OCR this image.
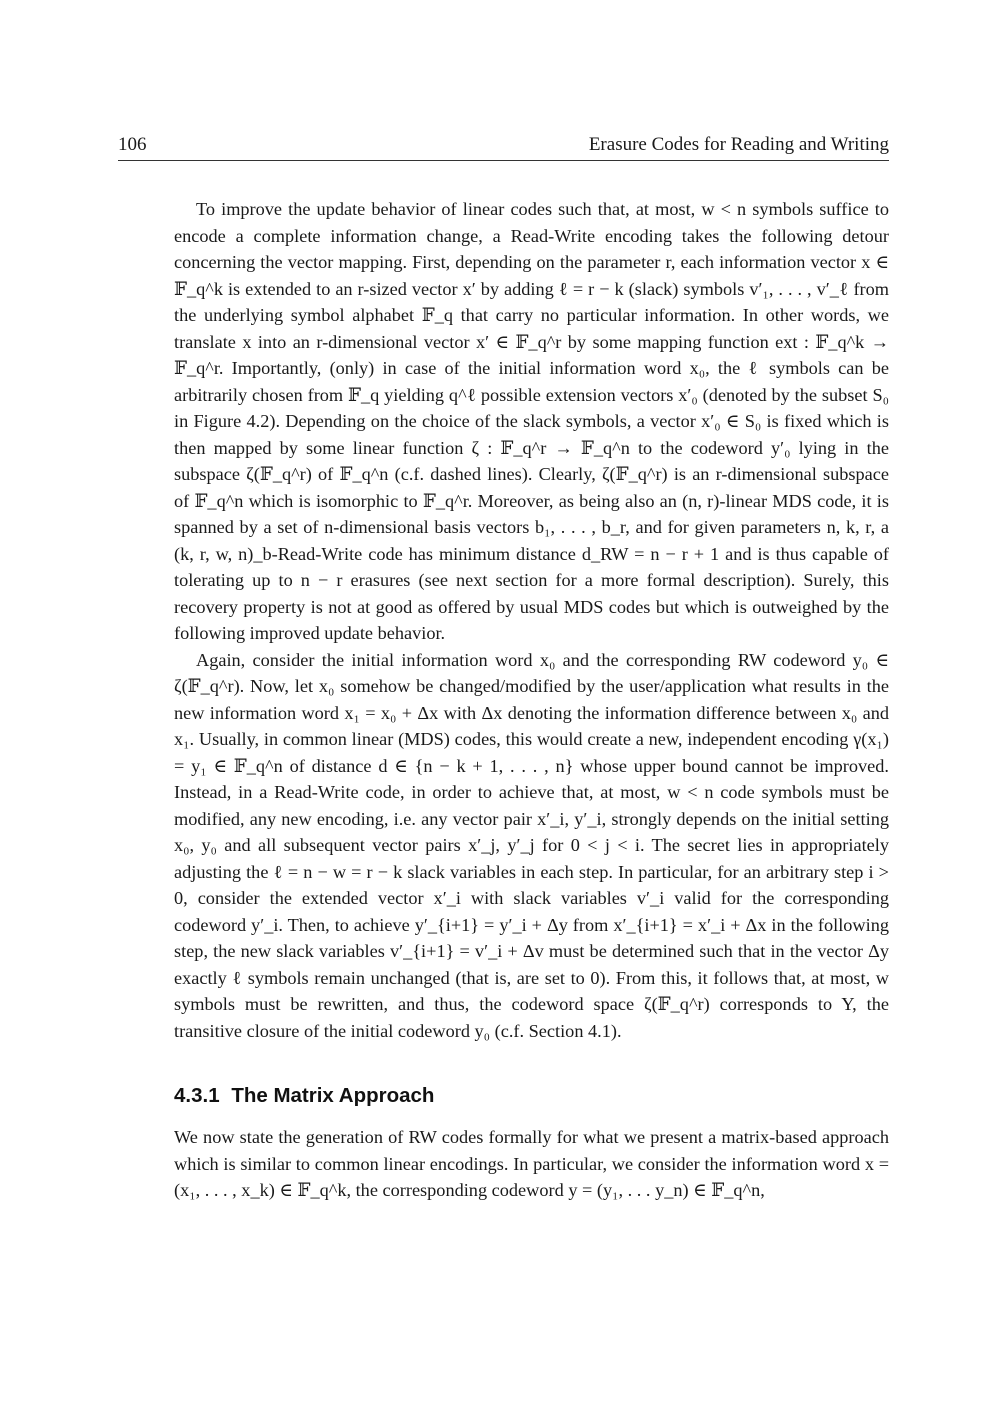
106	Erasure Codes for Reading and Writing

To improve the update behavior of linear codes such that, at most, w < n symbols suffice to encode a complete information change, a Read-Write encoding takes the following detour concerning the vector mapping. First, depending on the parameter r, each information vector x ∈ 𝔽_q^k is extended to an r-sized vector x′ by adding ℓ = r − k (slack) symbols v′₁, . . . , v′_ℓ from the underlying symbol alphabet 𝔽_q that carry no particular information. In other words, we translate x into an r-dimensional vector x′ ∈ 𝔽_q^r by some mapping function ext : 𝔽_q^k → 𝔽_q^r. Importantly, (only) in case of the initial information word x₀, the ℓ symbols can be arbitrarily chosen from 𝔽_q yielding q^ℓ possible extension vectors x′₀ (denoted by the subset S₀ in Figure 4.2). Depending on the choice of the slack symbols, a vector x′₀ ∈ S₀ is fixed which is then mapped by some linear function ζ : 𝔽_q^r → 𝔽_q^n to the codeword y′₀ lying in the subspace ζ(𝔽_q^r) of 𝔽_q^n (c.f. dashed lines). Clearly, ζ(𝔽_q^r) is an r-dimensional subspace of 𝔽_q^n which is isomorphic to 𝔽_q^r. Moreover, as being also an (n, r)-linear MDS code, it is spanned by a set of n-dimensional basis vectors b₁, . . . , b_r, and for given parameters n, k, r, a (k, r, w, n)_b-Read-Write code has minimum distance d_RW = n − r + 1 and is thus capable of tolerating up to n − r erasures (see next section for a more formal description). Surely, this recovery property is not at good as offered by usual MDS codes but which is outweighed by the following improved update behavior.

Again, consider the initial information word x₀ and the corresponding RW codeword y₀ ∈ ζ(𝔽_q^r). Now, let x₀ somehow be changed/modified by the user/application what results in the new information word x₁ = x₀ + Δx with Δx denoting the information difference between x₀ and x₁. Usually, in common linear (MDS) codes, this would create a new, independent encoding γ(x₁) = y₁ ∈ 𝔽_q^n of distance d ∈ {n − k + 1, . . . , n} whose upper bound cannot be improved. Instead, in a Read-Write code, in order to achieve that, at most, w < n code symbols must be modified, any new encoding, i.e. any vector pair x′_i, y′_i, strongly depends on the initial setting x₀, y₀ and all subsequent vector pairs x′_j, y′_j for 0 < j < i. The secret lies in appropriately adjusting the ℓ = n − w = r − k slack variables in each step. In particular, for an arbitrary step i > 0, consider the extended vector x′_i with slack variables v′_i valid for the corresponding codeword y′_i. Then, to achieve y′_{i+1} = y′_i + Δy from x′_{i+1} = x′_i + Δx in the following step, the new slack variables v′_{i+1} = v′_i + Δv must be determined such that in the vector Δy exactly ℓ symbols remain unchanged (that is, are set to 0). From this, it follows that, at most, w symbols must be rewritten, and thus, the codeword space ζ(𝔽_q^r) corresponds to Y, the transitive closure of the initial codeword y₀ (c.f. Section 4.1).

4.3.1 The Matrix Approach

We now state the generation of RW codes formally for what we present a matrix-based approach which is similar to common linear encodings. In particular, we consider the information word x = (x₁, . . . , x_k) ∈ 𝔽_q^k, the corresponding codeword y = (y₁, . . . y_n) ∈ 𝔽_q^n,
